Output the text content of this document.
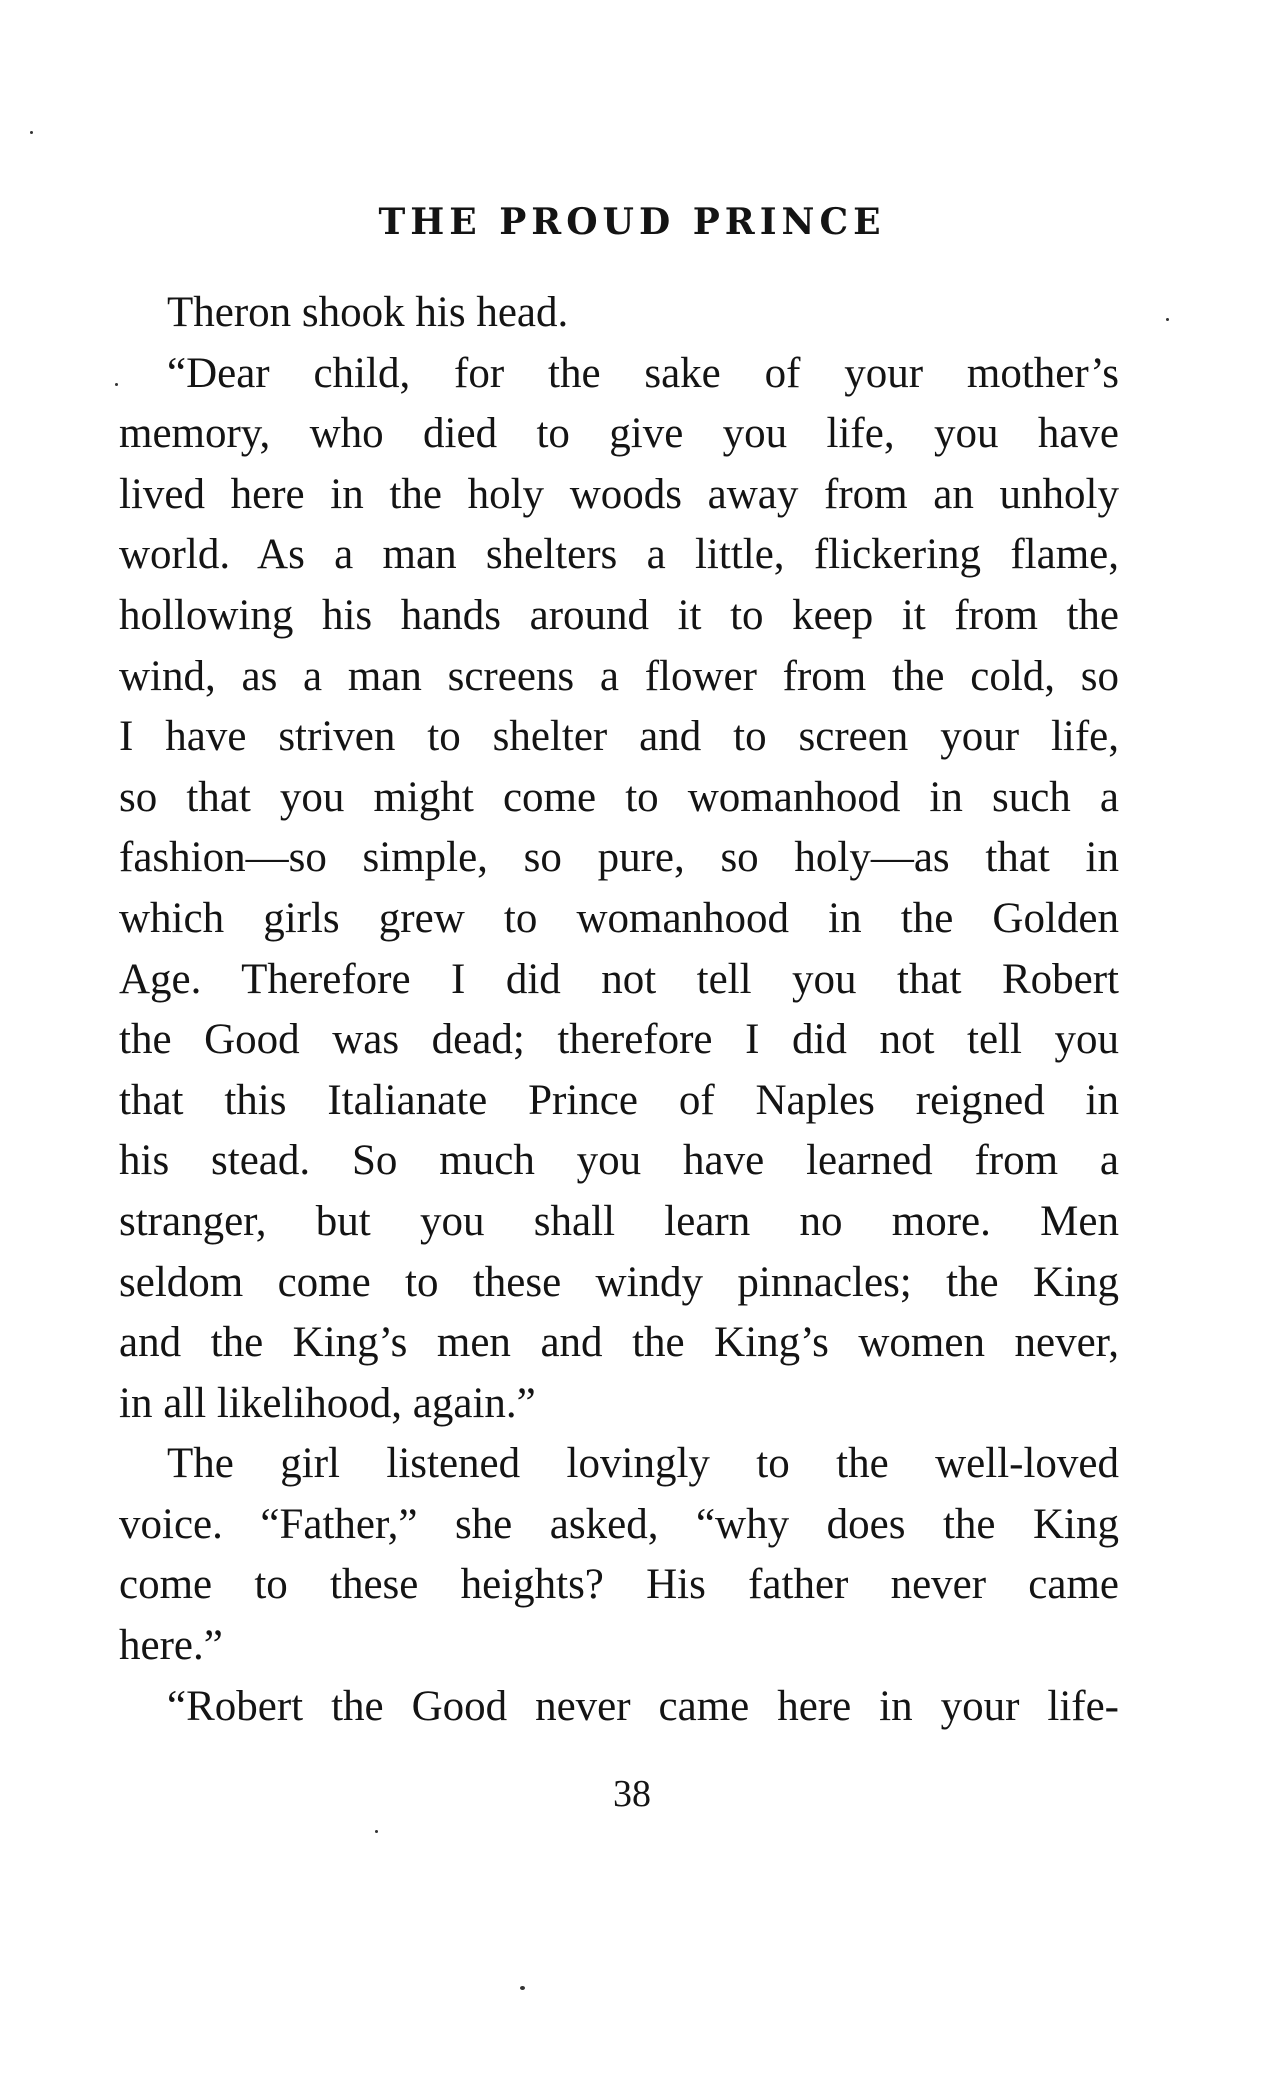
THE PROUD PRINCE
Theron shook his head.
“Dear child, for the sake of your mother’s
memory, who died to give you life, you have
lived here in the holy woods away from an unholy
world. As a man shelters a little, flickering flame,
hollowing his hands around it to keep it from the
wind, as a man screens a flower from the cold, so
I have striven to shelter and to screen your life,
so that you might come to womanhood in such a
fashion—so simple, so pure, so holy—as that in
which girls grew to womanhood in the Golden
Age. Therefore I did not tell you that Robert
the Good was dead; therefore I did not tell you
that this Italianate Prince of Naples reigned in
his stead. So much you have learned from a
stranger, but you shall learn no more. Men
seldom come to these windy pinnacles; the King
and the King’s men and the King’s women never,
in all likelihood, again.”
The girl listened lovingly to the well-loved
voice. “Father,” she asked, “why does the King
come to these heights? His father never came
here.”
“Robert the Good never came here in your life-
38
